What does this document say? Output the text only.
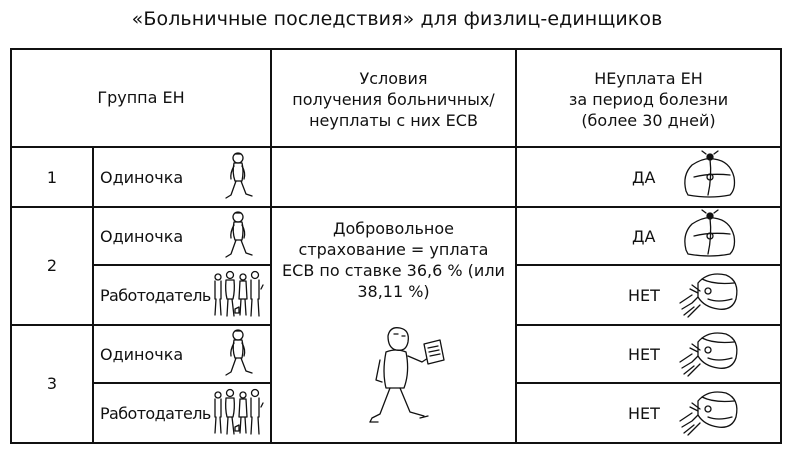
«Больничные последствия» для физлиц-единщиков
Группа ЕН
Условия
получения больничных/
неуплаты с них ЕСВ
НЕуплата ЕН
за период болезни
(более 30 дней)
1
2
3
Одиночка
Одиночка
Работодатель
Одиночка
Работодатель
Добровольное
страхование = уплата
ЕСВ по ставке 36,6 % (или
38,11 %)
ДА
ДА
НЕТ
НЕТ
НЕТ
